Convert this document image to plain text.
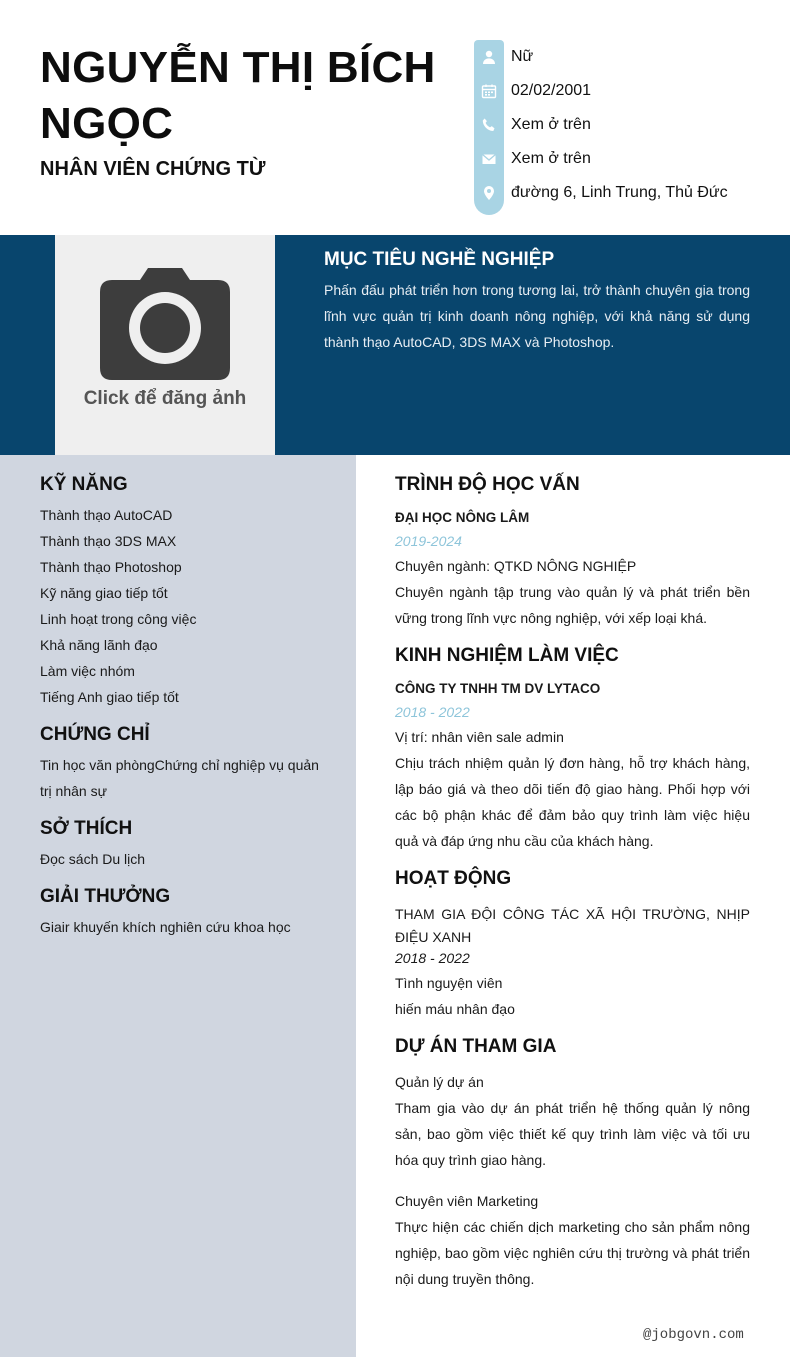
NGUYỄN THỊ BÍCH NGỌC
NHÂN VIÊN CHỨNG TỪ
Nữ
02/02/2001
Xem ở trên
Xem ở trên
đường 6, Linh Trung, Thủ Đức
Click để đăng ảnh
MỤC TIÊU NGHỀ NGHIỆP
Phấn đấu phát triển hơn trong tương lai, trở thành chuyên gia trong lĩnh vực quản trị kinh doanh nông nghiệp, với khả năng sử dụng thành thạo AutoCAD, 3DS MAX và Photoshop.
KỸ NĂNG
Thành thạo AutoCAD
Thành thạo 3DS MAX
Thành thạo Photoshop
Kỹ năng giao tiếp tốt
Linh hoạt trong công việc
Khả năng lãnh đạo
Làm việc nhóm
Tiếng Anh giao tiếp tốt
CHỨNG CHỈ
Tin học văn phòngChứng chỉ nghiệp vụ quản trị nhân sự
SỞ THÍCH
Đọc sách Du lịch
GIẢI THƯỞNG
Giair khuyến khích nghiên cứu khoa học
TRÌNH ĐỘ HỌC VẤN
ĐẠI HỌC NÔNG LÂM
2019-2024
Chuyên ngành: QTKD NÔNG NGHIỆP
Chuyên ngành tập trung vào quản lý và phát triển bền vững trong lĩnh vực nông nghiệp, với xếp loại khá.
KINH NGHIỆM LÀM VIỆC
CÔNG TY TNHH TM DV LYTACO
2018 - 2022
Vị trí: nhân viên sale admin
Chịu trách nhiệm quản lý đơn hàng, hỗ trợ khách hàng, lập báo giá và theo dõi tiến độ giao hàng. Phối hợp với các bộ phận khác để đảm bảo quy trình làm việc hiệu quả và đáp ứng nhu cầu của khách hàng.
HOẠT ĐỘNG
THAM GIA ĐỘI CÔNG TÁC XÃ HỘI TRƯỜNG, NHỊP ĐIỆU XANH
2018 - 2022
Tình nguyện viên
hiến máu nhân đạo
DỰ ÁN THAM GIA
Quản lý dự án
Tham gia vào dự án phát triển hệ thống quản lý nông sản, bao gồm việc thiết kế quy trình làm việc và tối ưu hóa quy trình giao hàng.
Chuyên viên Marketing
Thực hiện các chiến dịch marketing cho sản phẩm nông nghiệp, bao gồm việc nghiên cứu thị trường và phát triển nội dung truyền thông.
@jobgovn.com
